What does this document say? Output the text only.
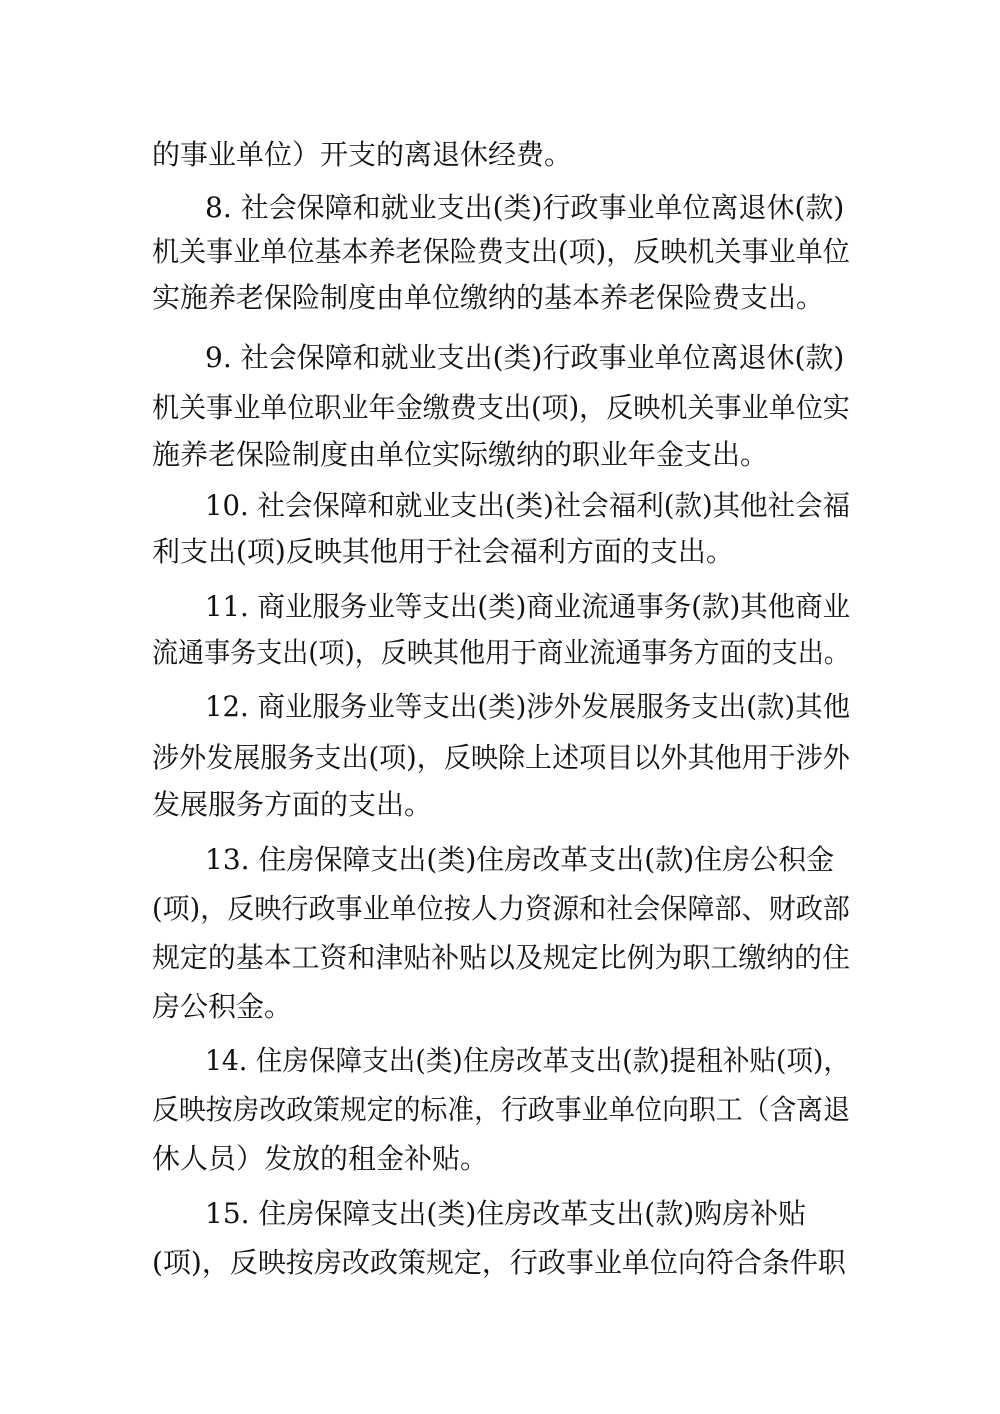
的事业单位）开支的离退休经费。
8. 社会保障和就业支出(类)行政事业单位离退休(款)
机关事业单位基本养老保险费支出(项)，反映机关事业单位
实施养老保险制度由单位缴纳的基本养老保险费支出。
9. 社会保障和就业支出(类)行政事业单位离退休(款)
机关事业单位职业年金缴费支出(项)，反映机关事业单位实
施养老保险制度由单位实际缴纳的职业年金支出。
10. 社会保障和就业支出(类)社会福利(款)其他社会福
利支出(项)反映其他用于社会福利方面的支出。
11. 商业服务业等支出(类)商业流通事务(款)其他商业
流通事务支出(项)，反映其他用于商业流通事务方面的支出。
12. 商业服务业等支出(类)涉外发展服务支出(款)其他
涉外发展服务支出(项)，反映除上述项目以外其他用于涉外
发展服务方面的支出。
13. 住房保障支出(类)住房改革支出(款)住房公积金
(项)，反映行政事业单位按人力资源和社会保障部、财政部
规定的基本工资和津贴补贴以及规定比例为职工缴纳的住
房公积金。
14. 住房保障支出(类)住房改革支出(款)提租补贴(项)，
反映按房改政策规定的标准，行政事业单位向职工（含离退
休人员）发放的租金补贴。
15. 住房保障支出(类)住房改革支出(款)购房补贴
(项)，反映按房改政策规定，行政事业单位向符合条件职
